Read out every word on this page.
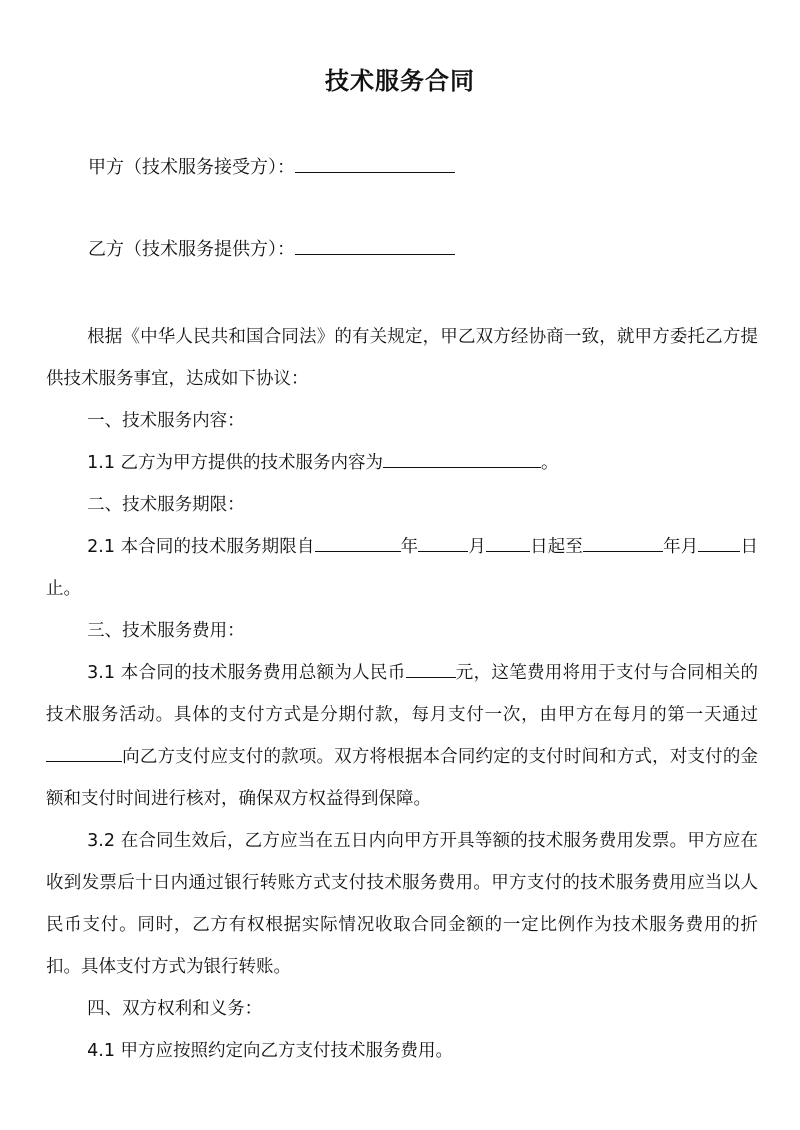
技术服务合同
甲方（技术服务接受方）：
乙方（技术服务提供方）：

根据《中华人民共和国合同法》的有关规定，甲乙双方经协商一致，就甲方委托乙方提供技术服务事宜，达成如下协议：

一、技术服务内容：

1.1 乙方为甲方提供的技术服务内容为	。

二、技术服务期限：

2.1 本合同的技术服务期限自	年	月	日起至	年月 日止。

三、技术服务费用：

3.1 本合同的技术服务费用总额为人民币	元，这笔费用将用于支付与合同相关的技术服务活动。具体的支付方式是分期付款，每月支付一次，由甲方在每月的第一天通过向乙方支付应支付的款项。双方将根据本合同约定的支付时间和方式，对支付的金额和支付时间进行核对，确保双方权益得到保障。

3.2 在合同生效后，乙方应当在五日内向甲方开具等额的技术服务费用发票。甲方应在收到发票后十日内通过银行转账方式支付技术服务费用。甲方支付的技术服务费用应当以人民币支付。同时，乙方有权根据实际情况收取合同金额的一定比例作为技术服务费用的折扣。具体支付方式为银行转账。

四、双方权利和义务：

4.1 甲方应按照约定向乙方支付技术服务费用。
